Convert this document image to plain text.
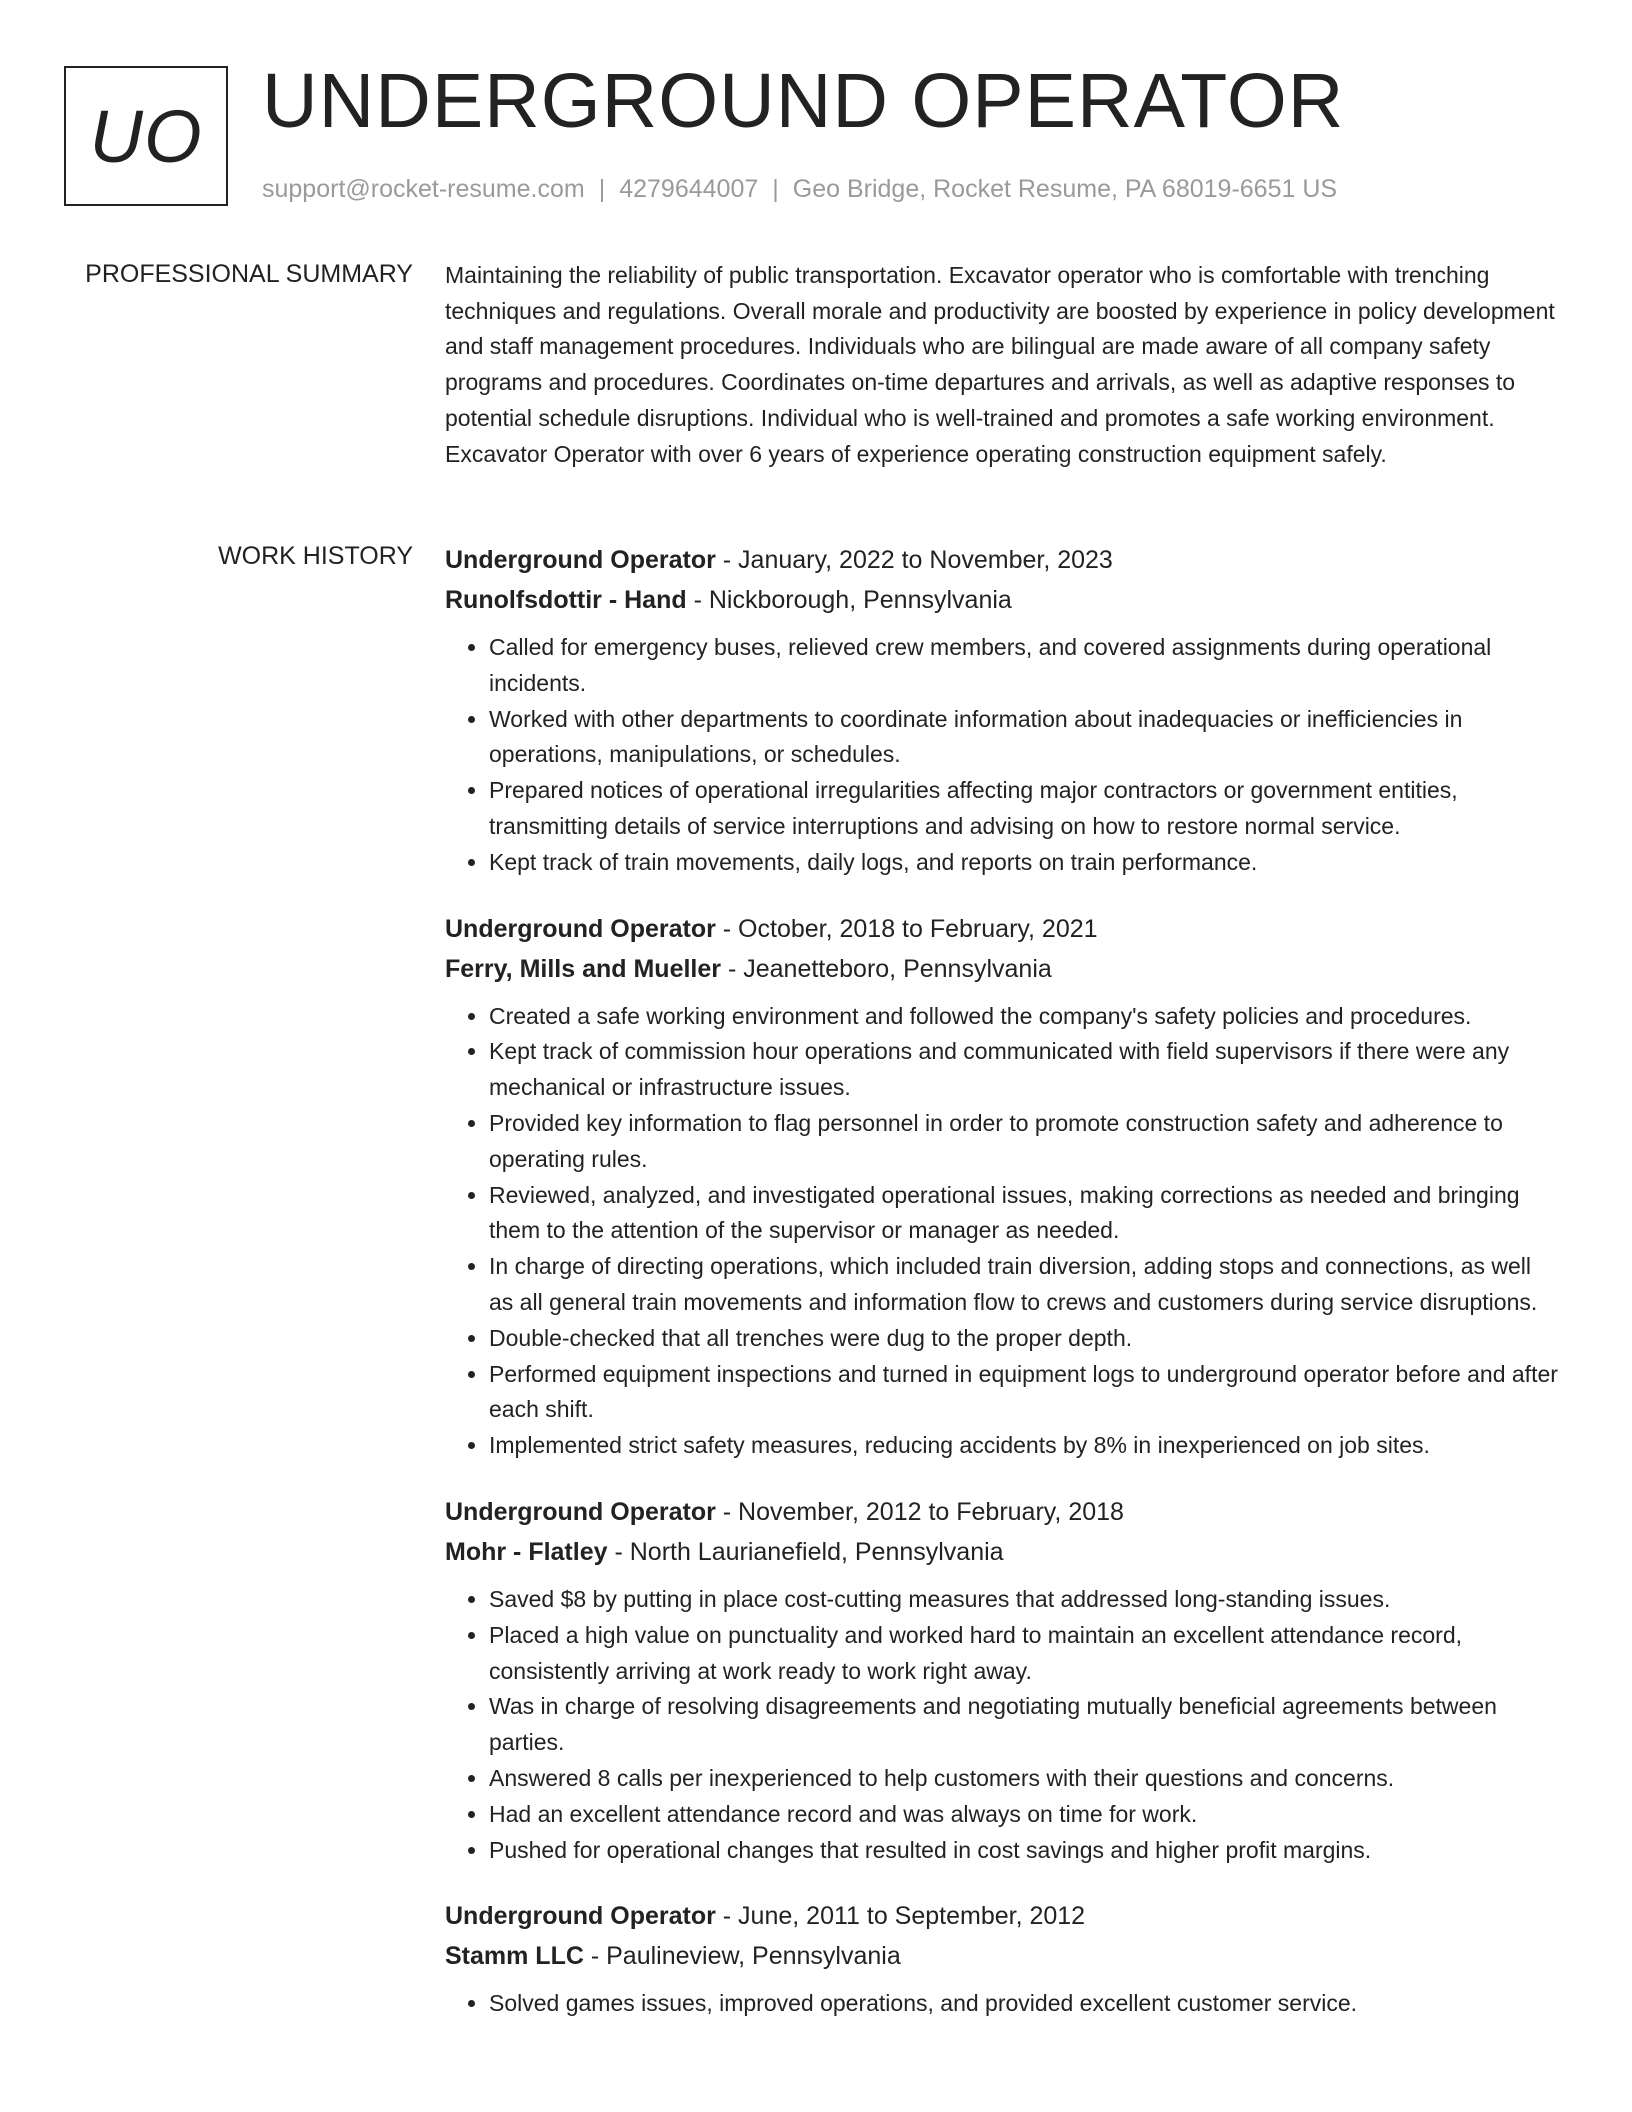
UO UNDERGROUND OPERATOR
support@rocket-resume.com | 4279644007 | Geo Bridge, Rocket Resume, PA 68019-6651 US
PROFESSIONAL SUMMARY Maintaining the reliability of public transportation. Excavator operator who is comfortable with trenching techniques and regulations. Overall morale and productivity are boosted by experience in policy development and staff management procedures. Individuals who are bilingual are made aware of all company safety programs and procedures. Coordinates on-time departures and arrivals, as well as adaptive responses to potential schedule disruptions. Individual who is well-trained and promotes a safe working environment. Excavator Operator with over 6 years of experience operating construction equipment safely.

WORK HISTORY Underground Operator - January, 2022 to November, 2023
Runolfsdottir - Hand - Nickborough, Pennsylvania
• Called for emergency buses, relieved crew members, and covered assignments during operational incidents.
• Worked with other departments to coordinate information about inadequacies or inefficiencies in operations, manipulations, or schedules.
• Prepared notices of operational irregularities affecting major contractors or government entities, transmitting details of service interruptions and advising on how to restore normal service.
• Kept track of train movements, daily logs, and reports on train performance.
Underground Operator - October, 2018 to February, 2021
Ferry, Mills and Mueller - Jeanetteboro, Pennsylvania
• Created a safe working environment and followed the company's safety policies and procedures.
• Kept track of commission hour operations and communicated with field supervisors if there were any mechanical or infrastructure issues.
• Provided key information to flag personnel in order to promote construction safety and adherence to operating rules.
• Reviewed, analyzed, and investigated operational issues, making corrections as needed and bringing them to the attention of the supervisor or manager as needed.
• In charge of directing operations, which included train diversion, adding stops and connections, as well as all general train movements and information flow to crews and customers during service disruptions.
• Double-checked that all trenches were dug to the proper depth.
• Performed equipment inspections and turned in equipment logs to underground operator before and after each shift.
• Implemented strict safety measures, reducing accidents by 8% in inexperienced on job sites.
Underground Operator - November, 2012 to February, 2018
Mohr - Flatley - North Laurianefield, Pennsylvania
• Saved $8 by putting in place cost-cutting measures that addressed long-standing issues.
• Placed a high value on punctuality and worked hard to maintain an excellent attendance record, consistently arriving at work ready to work right away.
• Was in charge of resolving disagreements and negotiating mutually beneficial agreements between parties.
• Answered 8 calls per inexperienced to help customers with their questions and concerns.
• Had an excellent attendance record and was always on time for work.
• Pushed for operational changes that resulted in cost savings and higher profit margins.
Underground Operator - June, 2011 to September, 2012
Stamm LLC - Paulineview, Pennsylvania
• Solved games issues, improved operations, and provided excellent customer service.
